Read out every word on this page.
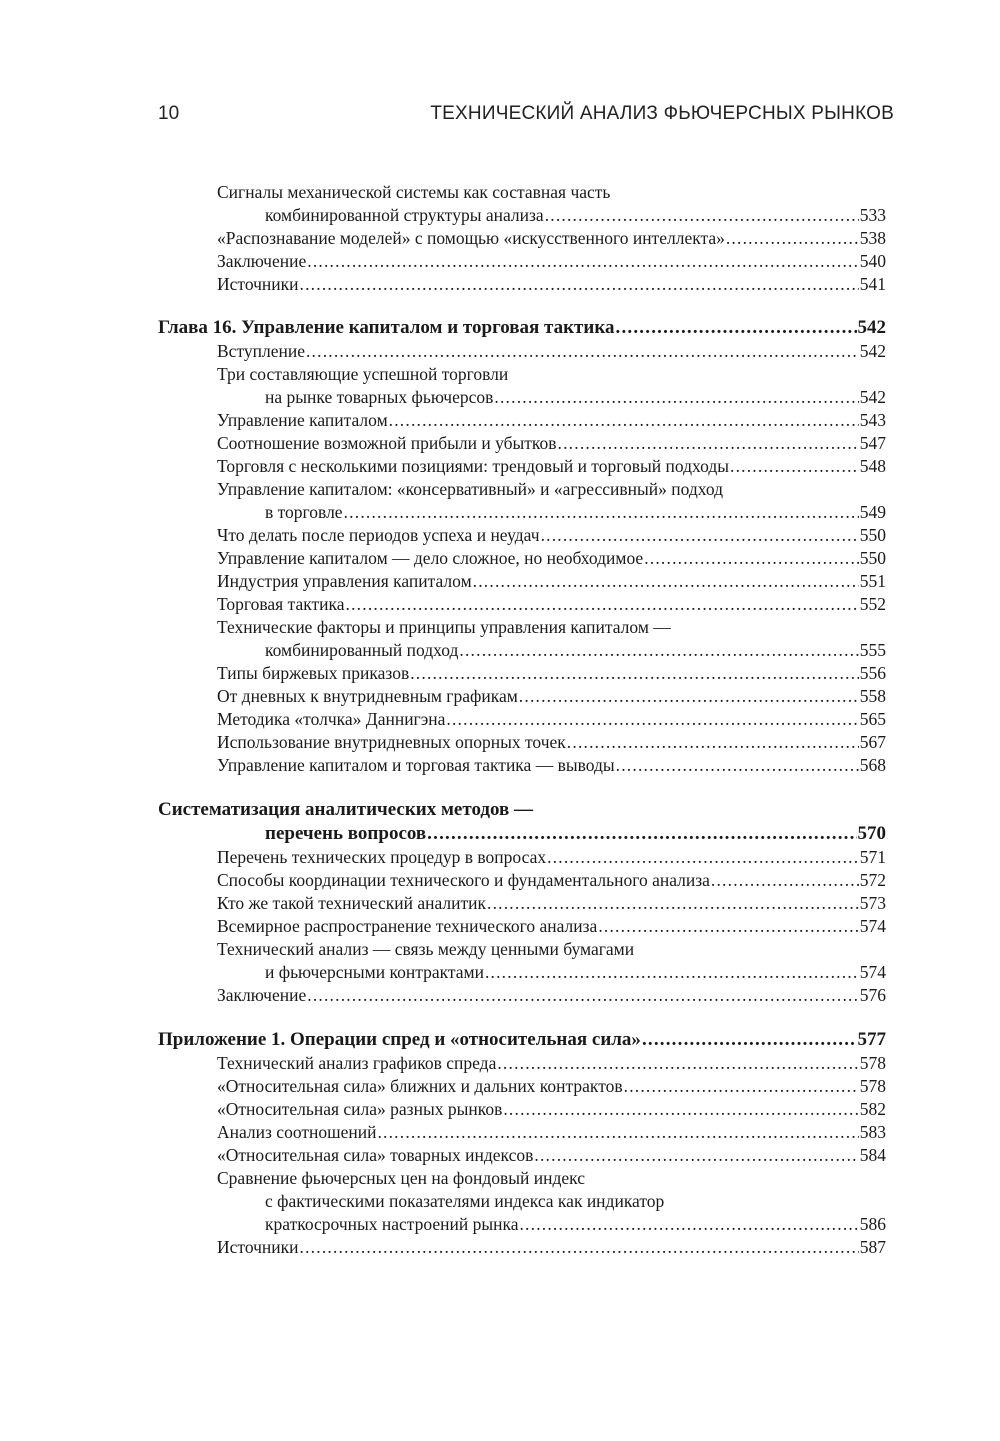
10	ТЕХНИЧЕСКИЙ АНАЛИЗ ФЬЮЧЕРСНЫХ РЫНКОВ
Сигналы механической системы как составная часть
комбинированной структуры анализа .....	533
«Распознавание моделей» с помощью «искусственного интеллекта» .....	538
Заключение .....	540
Источники .....	541
Глава 16. Управление капиталом и торговая тактика .....	542
Вступление .....	542
Три составляющие успешной торговли
на рынке товарных фьючерсов .....	542
Управление капиталом .....	543
Соотношение возможной прибыли и убытков .....	547
Торговля с несколькими позициями: трендовый и торговый подходы .....	548
Управление капиталом: «консервативный» и «агрессивный» подход
в торговле .....	549
Что делать после периодов успеха и неудач .....	550
Управление капиталом — дело сложное, но необходимое .....	550
Индустрия управления капиталом .....	551
Торговая тактика .....	552
Технические факторы и принципы управления капиталом —
комбинированный подход .....	555
Типы биржевых приказов .....	556
От дневных к внутридневным графикам .....	558
Методика «толчка» Даннигэна .....	565
Использование внутридневных опорных точек .....	567
Управление капиталом и торговая тактика — выводы .....	568
Систематизация аналитических методов —
перечень вопросов .....	570
Перечень технических процедур в вопросах .....	571
Способы координации технического и фундаментального анализа .....	572
Кто же такой технический аналитик .....	573
Всемирное распространение технического анализа .....	574
Технический анализ — связь между ценными бумагами
и фьючерсными контрактами .....	574
Заключение .....	576
Приложение 1. Операции спред и «относительная сила» .....	577
Технический анализ графиков спреда .....	578
«Относительная сила» ближних и дальних контрактов .....	578
«Относительная сила» разных рынков .....	582
Анализ соотношений .....	583
«Относительная сила» товарных индексов .....	584
Сравнение фьючерсных цен на фондовый индекс
с фактическими показателями индекса как индикатор
краткосрочных настроений рынка .....	586
Источники .....	587
